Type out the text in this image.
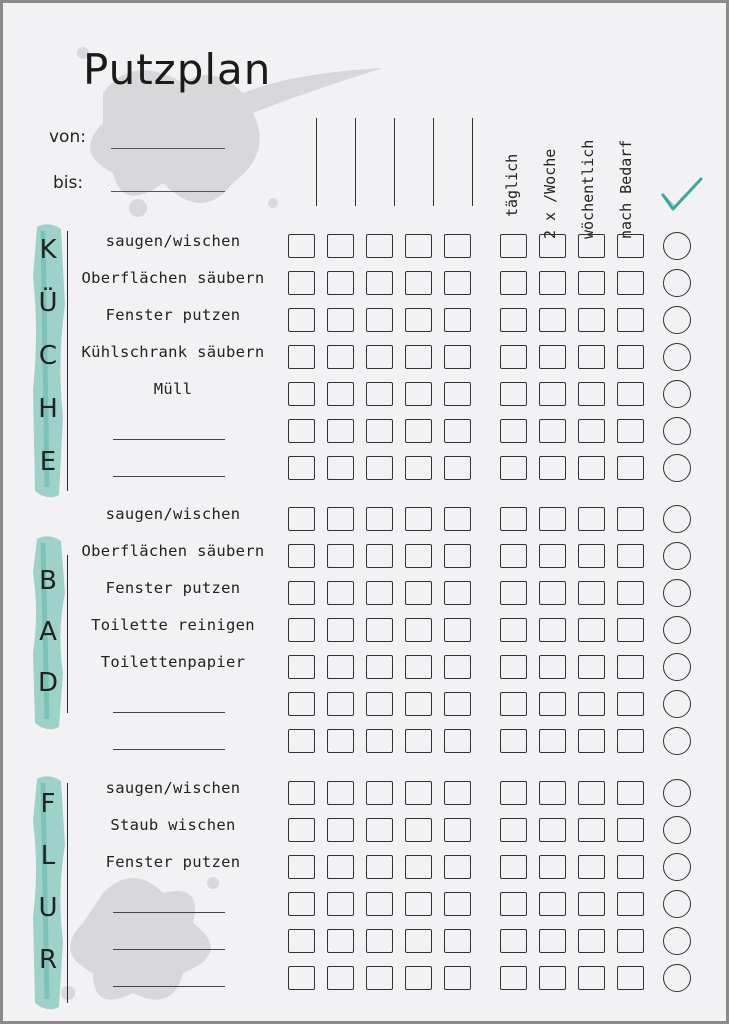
Putzplan
von:
bis:	täglich 2 x /Woche wöchentlich nach Bedarf
K
Ü
C
H
E
saugen/wischen
Oberflächen säubern
Fenster putzen
Kühlschrank säubern
Müll
B
A
D
saugen/wischen
Oberflächen säubern
Fenster putzen
Toilette reinigen
Toilettenpapier
F
L
U
R
saugen/wischen
Staub wischen
Fenster putzen
